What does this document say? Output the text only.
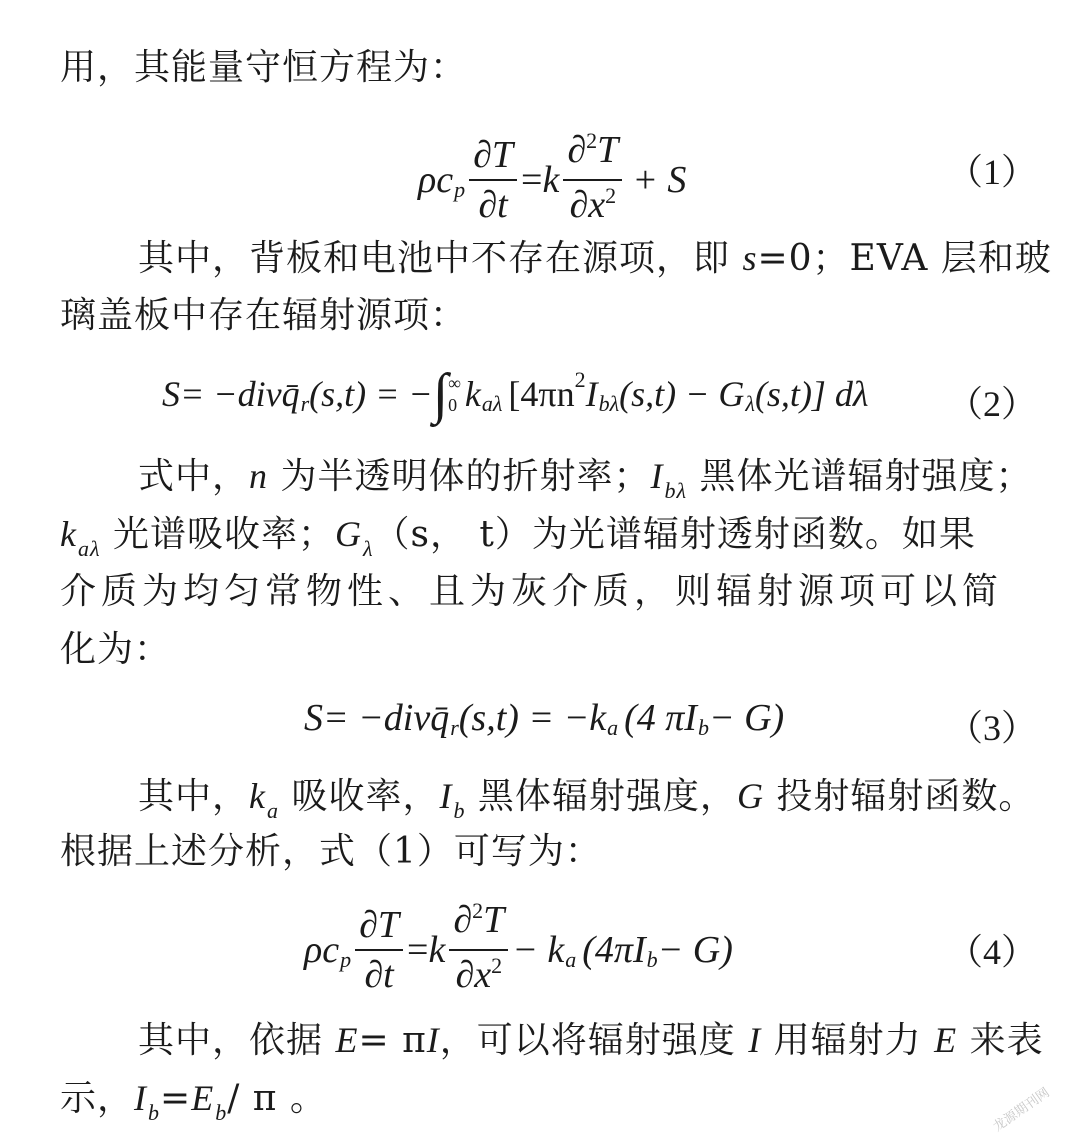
用，其能量守恒方程为：
ρc p $\frac{\partial T}{\partial t} = k \frac{\partial^2T}{\partial x^2} + S$	（1）
其中，背板和电池中不存在源项，即 s=0；EVA 层和玻
璃盖板中存在辐射源项：
S= −div q̄ r (s,t) = − ∫ ∞
0 k aλ [4πn 2 I bλ (s,t) − G λ (s,t)] dλ （2）
式中，n 为半透明体的折射率；$I_{b\lambda}$ 黑体光谱辐射强度；
$k_{a\lambda}$ 光谱吸收率；$G_\lambda(s$， t）为光谱辐射透射函数。如果
介质为均匀常物性、且为灰介质，则辐射源项可以简
化为：
S= −div q̄ r (s,t) = −k a (4 πI b − G)	（3）
其中，$k_a$ 吸收率，$I_b$ 黑体辐射强度，G 投射辐射函数。
根据上述分析，式（1）可写为：
ρc p $\frac{\partial T}{\partial t} = k \frac{\partial^2T}{\partial x^2} - k$ a (4πI b − G)	（4）
其中，依据 E= πI，可以将辐射强度 I 用辐射力 E 来表
示，$I_b=E_b/$ π 。	龙源期刊网
